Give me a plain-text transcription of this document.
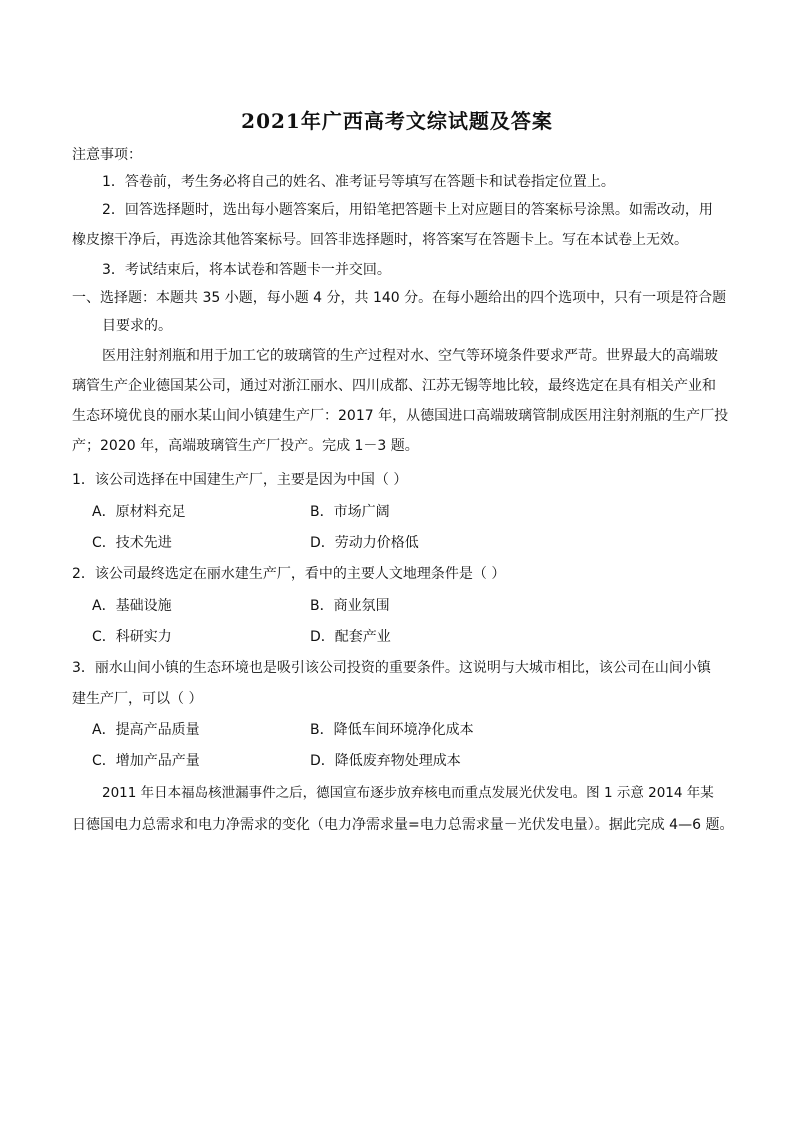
2021年广西高考文综试题及答案
注意事项：
1．答卷前，考生务必将自己的姓名、准考证号等填写在答题卡和试卷指定位置上。
2．回答选择题时，选出每小题答案后，用铅笔把答题卡上对应题目的答案标号涂黑。如需改动，用
橡皮擦干净后，再选涂其他答案标号。回答非选择题时，将答案写在答题卡上。写在本试卷上无效。
3．考试结束后，将本试卷和答题卡一并交回。
一、选择题：本题共 35 小题，每小题 4 分，共 140 分。在每小题给出的四个选项中，只有一项是符合题
目要求的。
医用注射剂瓶和用于加工它的玻璃管的生产过程对水、空气等环境条件要求严苛。世界最大的高端玻
璃管生产企业德国某公司，通过对浙江丽水、四川成都、江苏无锡等地比较，最终选定在具有相关产业和
生态环境优良的丽水某山间小镇建生产厂：2017 年，从德国进口高端玻璃管制成医用注射剂瓶的生产厂投
产；2020 年，高端玻璃管生产厂投产。完成 1－3 题。
1．该公司选择在中国建生产厂，主要是因为中国（ ）
A．原材料充足	B．市场广阔
C．技术先进	D．劳动力价格低
2．该公司最终选定在丽水建生产厂，看中的主要人文地理条件是（ ）
A．基础设施	B．商业氛围
C．科研实力	D．配套产业
3．丽水山间小镇的生态环境也是吸引该公司投资的重要条件。这说明与大城市相比，该公司在山间小镇
建生产厂，可以（ ）
A．提高产品质量	B．降低车间环境净化成本
C．增加产品产量	D．降低废弃物处理成本
2011 年日本福岛核泄漏事件之后，德国宣布逐步放弃核电而重点发展光伏发电。图 1 示意 2014 年某
日德国电力总需求和电力净需求的变化（电力净需求量=电力总需求量－光伏发电量）。据此完成 4—6 题。
